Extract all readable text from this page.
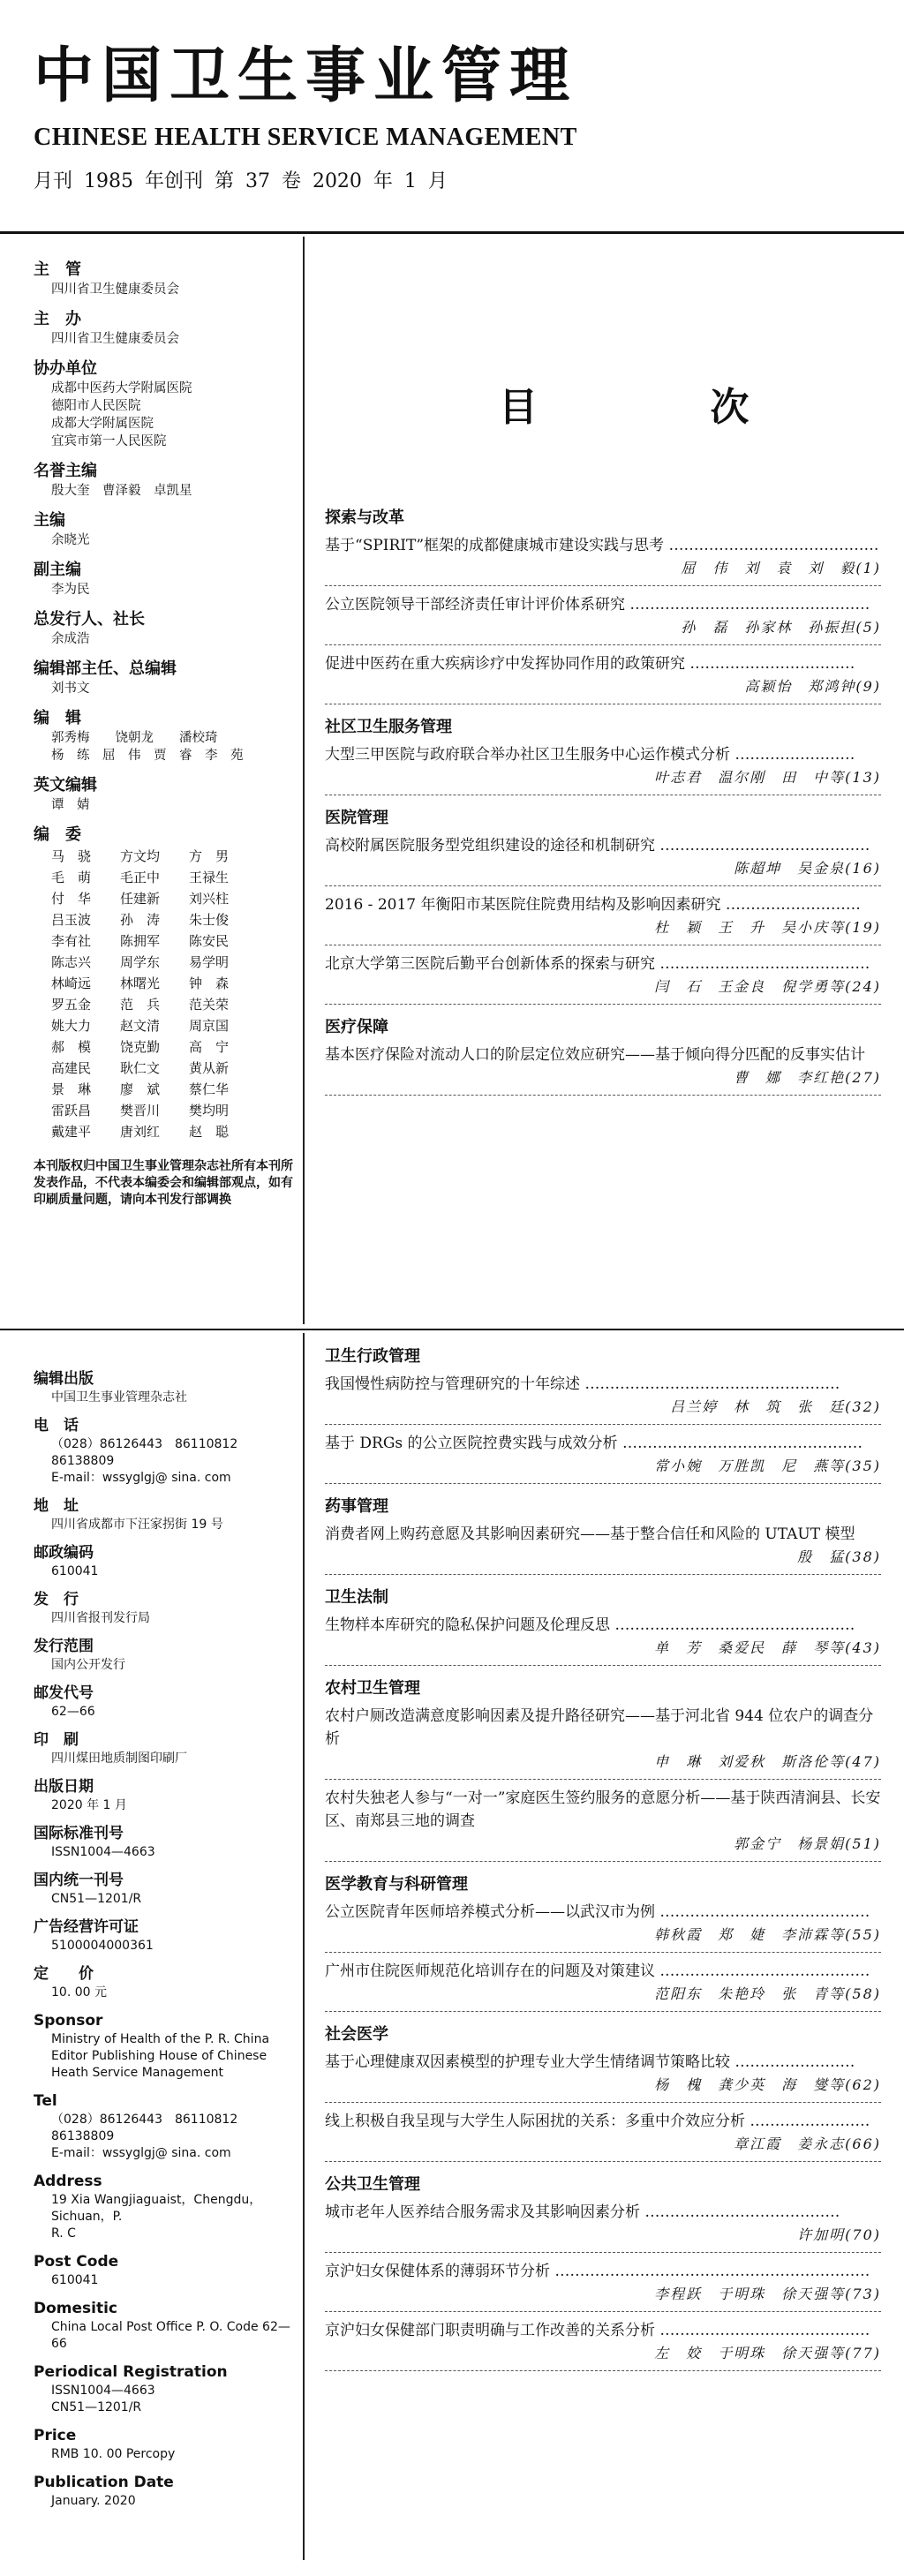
中国卫生事业管理
CHINESE HEALTH SERVICE MANAGEMENT
月刊 1985 年创刊 第 37 卷 2020 年 1 月
主　管
四川省卫生健康委员会
主　办
四川省卫生健康委员会
协办单位
成都中医药大学附属医院
德阳市人民医院
成都大学附属医院
宜宾市第一人民医院
名誉主编
殷大奎　曹泽毅　卓凯星
主编
余晓光
副主编
李为民
总发行人、社长
余成浩
编辑部主任、总编辑
刘书文
编　辑
郭秀梅　　饶朝龙　　潘校琦
杨　练　屈　伟　贾　睿　李　苑
英文编辑
谭　婧
编　委
马　骁	方文均	方　男
毛　萌	毛正中	王禄生
付　华	任建新	刘兴柱
吕玉波	孙　涛	朱士俊
李有社	陈拥军	陈安民
陈志兴	周学东	易学明
林崎远	林曙光	钟　森
罗五金	范　兵	范关荣
姚大力	赵文清	周京国
郝　模	饶克勤	高　宁
高建民	耿仁文	黄从新
景　琳	廖　斌	蔡仁华
雷跃昌	樊晋川	樊均明
戴建平	唐刘红	赵　聪
本刊版权归中国卫生事业管理杂志社所有本刊所发表作品，不代表本编委会和编辑部观点，如有印刷质量问题，请向本刊发行部调换
编辑出版
中国卫生事业管理杂志社
电　话
（028）86126443　86110812　86138809
E-mail：wssyglgj@ sina. com
地　址
四川省成都市下汪家拐街 19 号
邮政编码
610041
发　行
四川省报刊发行局
发行范围
国内公开发行
邮发代号
62—66
印　刷
四川煤田地质制图印刷厂
出版日期
2020 年 1 月
国际标准刊号
ISSN1004—4663
国内统一刊号
CN51—1201/R
广告经营许可证
5100004000361
定　　价
10. 00 元
Sponsor
Ministry of Health of the P. R. China
Editor Publishing House of Chinese
Heath Service Management
Tel
（028）86126443　86110812　86138809
E-mail：wssyglgj@ sina. com
Address
19 Xia Wangjiaguaist，Chengdu，Sichuan，P.
R. C
Post Code
610041
Domesitic
China Local Post Office P. O. Code 62—
66
Periodical Registration
ISSN1004—4663
CN51—1201/R
Price
RMB 10. 00 Percopy
Publication Date
January. 2020
目 次
探索与改革
基于“SPIRIT”框架的成都健康城市建设实践与思考 ……………………………………
屈　伟　刘　袁　刘　毅(1)
公立医院领导干部经济责任审计评价体系研究 …………………………………………
孙　磊　孙家林　孙振担(5)
促进中医药在重大疾病诊疗中发挥协同作用的政策研究 ……………………………
高颖怡　郑鸿钟(9)
社区卫生服务管理
大型三甲医院与政府联合举办社区卫生服务中心运作模式分析 ……………………
叶志君　温尔刚　田　中等(13)
医院管理
高校附属医院服务型党组织建设的途径和机制研究 ……………………………………
陈超坤　吴金泉(16)
2016 - 2017 年衡阳市某医院住院费用结构及影响因素研究 ………………………
杜　颖　王　升　吴小庆等(19)
北京大学第三医院后勤平台创新体系的探索与研究 ……………………………………
闫　石　王金良　倪学勇等(24)
医疗保障
基本医疗保险对流动人口的阶层定位效应研究——基于倾向得分匹配的反事实估计
曹　娜　李红艳(27)
卫生行政管理
我国慢性病防控与管理研究的十年综述 ……………………………………………
吕兰婷　林　筑　张　廷(32)
基于 DRGs 的公立医院控费实践与成效分析 …………………………………………
常小婉　万胜凯　尼　燕等(35)
药事管理
消费者网上购药意愿及其影响因素研究——基于整合信任和风险的 UTAUT 模型
殷　猛(38)
卫生法制
生物样本库研究的隐私保护问题及伦理反思 …………………………………………
单　芳　桑爱民　薛　琴等(43)
农村卫生管理
农村户厕改造满意度影响因素及提升路径研究——基于河北省 944 位农户的调查分析
申　琳　刘爱秋　斯洛伦等(47)
农村失独老人参与“一对一”家庭医生签约服务的意愿分析——基于陕西清涧县、长安区、南郑县三地的调查
郭金宁　杨景娟(51)
医学教育与科研管理
公立医院青年医师培养模式分析——以武汉市为例 ……………………………………
韩秋霞　郑　婕　李沛霖等(55)
广州市住院医师规范化培训存在的问题及对策建议 ……………………………………
范阳东　朱艳玲　张　青等(58)
社会医学
基于心理健康双因素模型的护理专业大学生情绪调节策略比较 ……………………
杨　槐　龚少英　海　燮等(62)
线上积极自我呈现与大学生人际困扰的关系：多重中介效应分析 ……………………
章江霞　姜永志(66)
公共卫生管理
城市老年人医养结合服务需求及其影响因素分析 …………………………………
许加明(70)
京沪妇女保健体系的薄弱环节分析 ………………………………………………………
李程跃　于明珠　徐天强等(73)
京沪妇女保健部门职责明确与工作改善的关系分析 ……………………………………
左　姣　于明珠　徐天强等(77)
